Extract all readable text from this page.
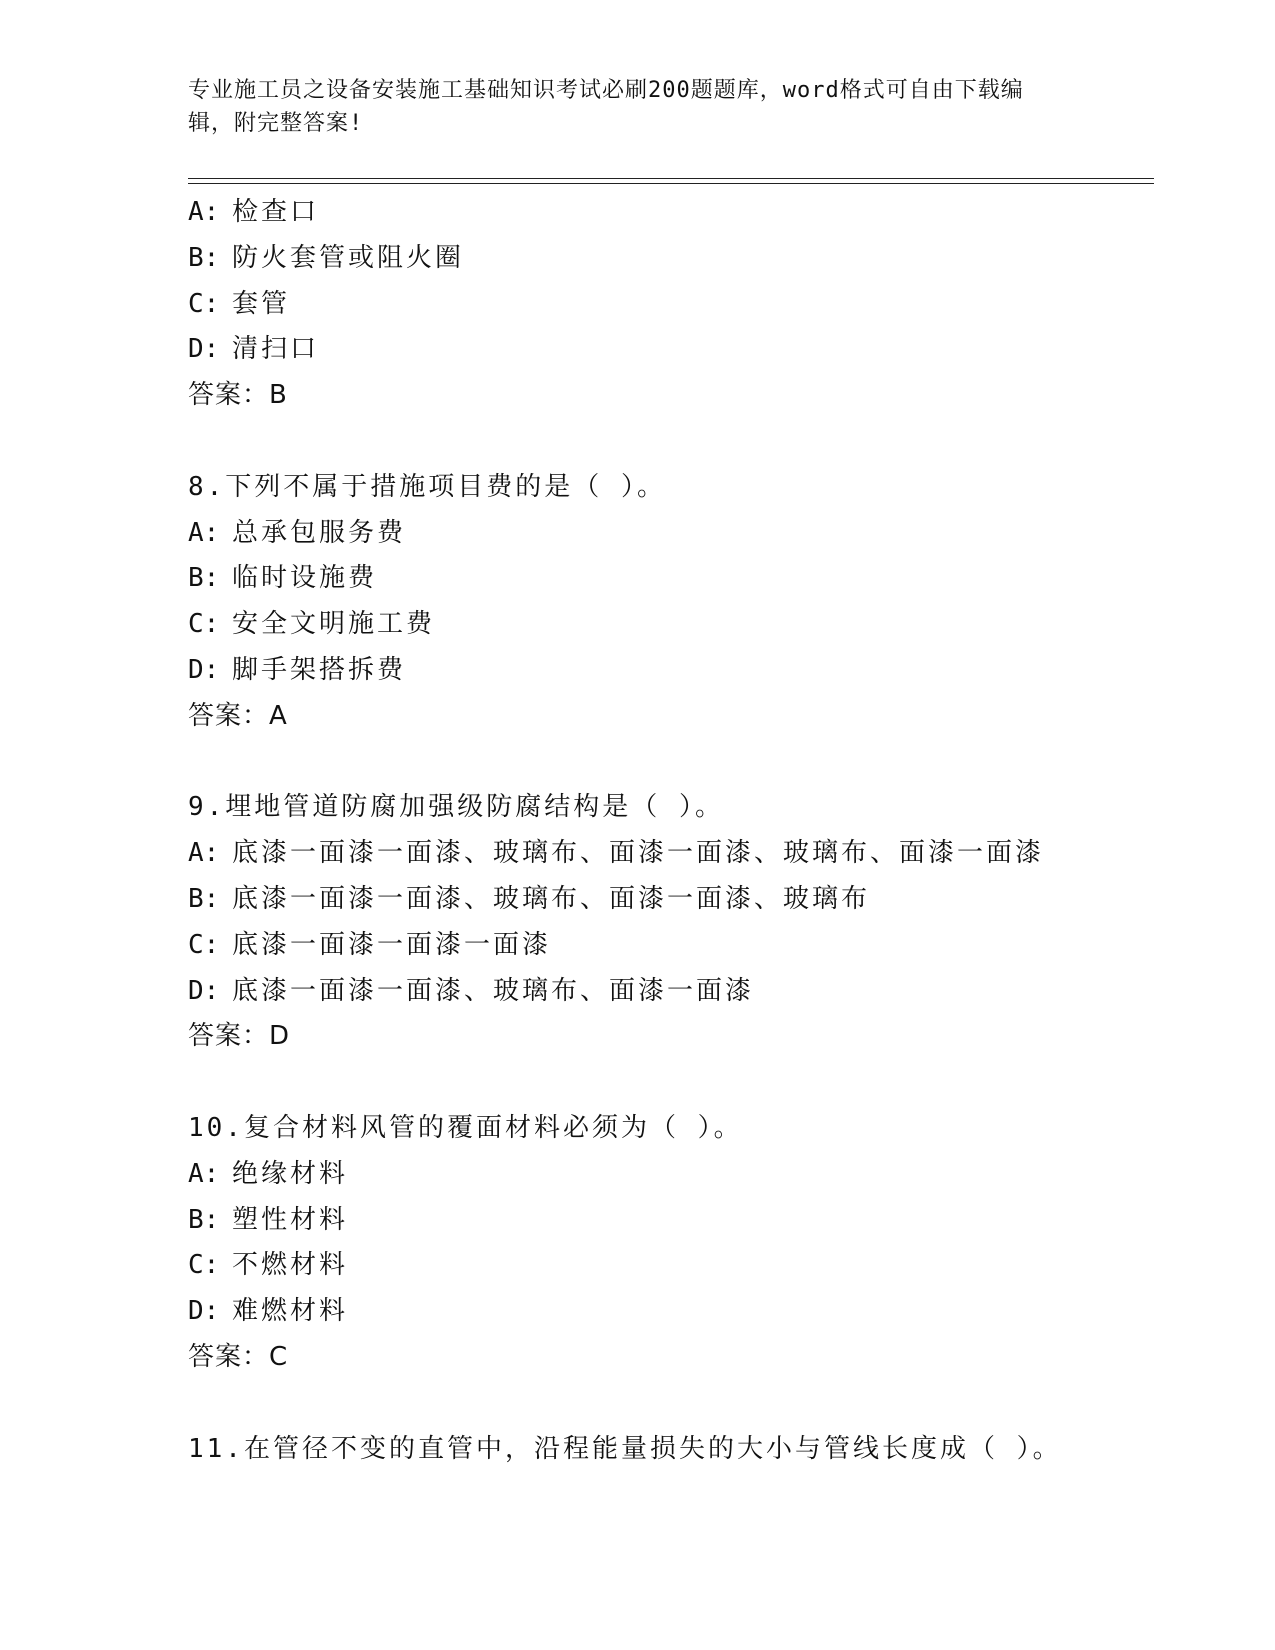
专业施工员之设备安装施工基础知识考试必刷200题题库，word格式可自由下载编辑，附完整答案!
A: 检查口
B: 防火套管或阻火圈
C: 套管
D: 清扫口
答案：B
8.下列不属于措施项目费的是（ ）。
A: 总承包服务费
B: 临时设施费
C: 安全文明施工费
D: 脚手架搭拆费
答案：A
9.埋地管道防腐加强级防腐结构是（ ）。
A: 底漆一面漆一面漆、玻璃布、面漆一面漆、玻璃布、面漆一面漆
B: 底漆一面漆一面漆、玻璃布、面漆一面漆、玻璃布
C: 底漆一面漆一面漆一面漆
D: 底漆一面漆一面漆、玻璃布、面漆一面漆
答案：D
10.复合材料风管的覆面材料必须为（ ）。
A: 绝缘材料
B: 塑性材料
C: 不燃材料
D: 难燃材料
答案：C
11.在管径不变的直管中，沿程能量损失的大小与管线长度成（ ）。
